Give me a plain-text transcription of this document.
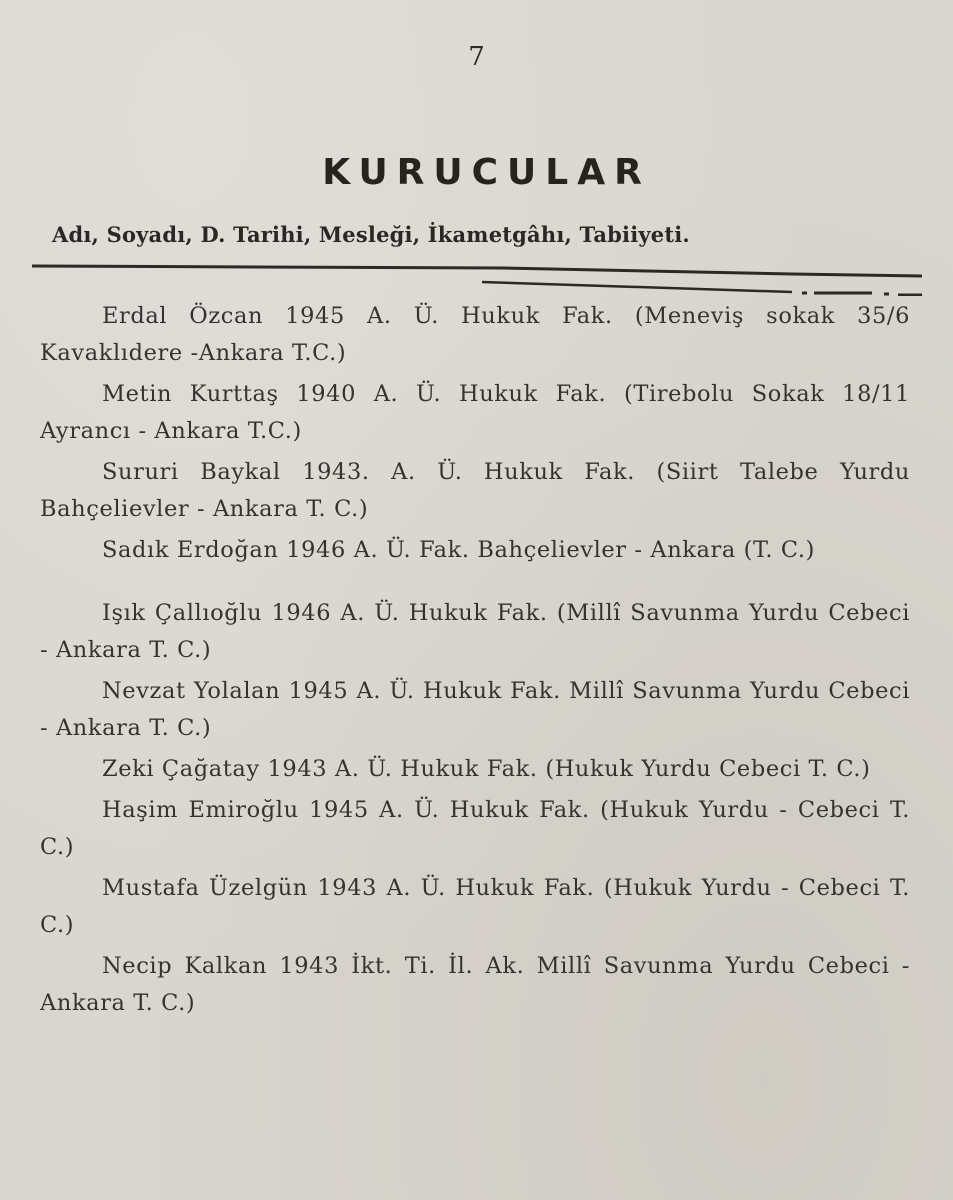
7
KURUCULAR
Adı, Soyadı, D. Tarihi, Mesleği, İkametgâhı, Tabiiyeti.

Erdal Özcan 1945 A. Ü. Hukuk Fak. (Meneviş sokak 35/6 Kavaklıdere -Ankara T.C.)

Metin Kurttaş 1940 A. Ü. Hukuk Fak. (Tirebolu Sokak 18/11 Ayrancı - Ankara T.C.)

Sururi Baykal 1943. A. Ü. Hukuk Fak. (Siirt Talebe Yurdu Bahçelievler - Ankara T. C.)

Sadık Erdoğan 1946 A. Ü. Fak. Bahçelievler - Ankara (T. C.)

Işık Çallıoğlu 1946 A. Ü. Hukuk Fak. (Millî Savunma Yurdu Cebeci - Ankara T. C.)

Nevzat Yolalan 1945 A. Ü. Hukuk Fak. Millî Savunma Yurdu Cebeci - Ankara T. C.)

Zeki Çağatay 1943 A. Ü. Hukuk Fak. (Hukuk Yurdu Cebeci T. C.)

Haşim Emiroğlu 1945 A. Ü. Hukuk Fak. (Hukuk Yurdu - Cebeci T. C.)

Mustafa Üzelgün 1943 A. Ü. Hukuk Fak. (Hukuk Yurdu - Cebeci T. C.)

Necip Kalkan 1943 İkt. Ti. İl. Ak. Millî Savunma Yurdu Cebeci - Ankara T. C.)
